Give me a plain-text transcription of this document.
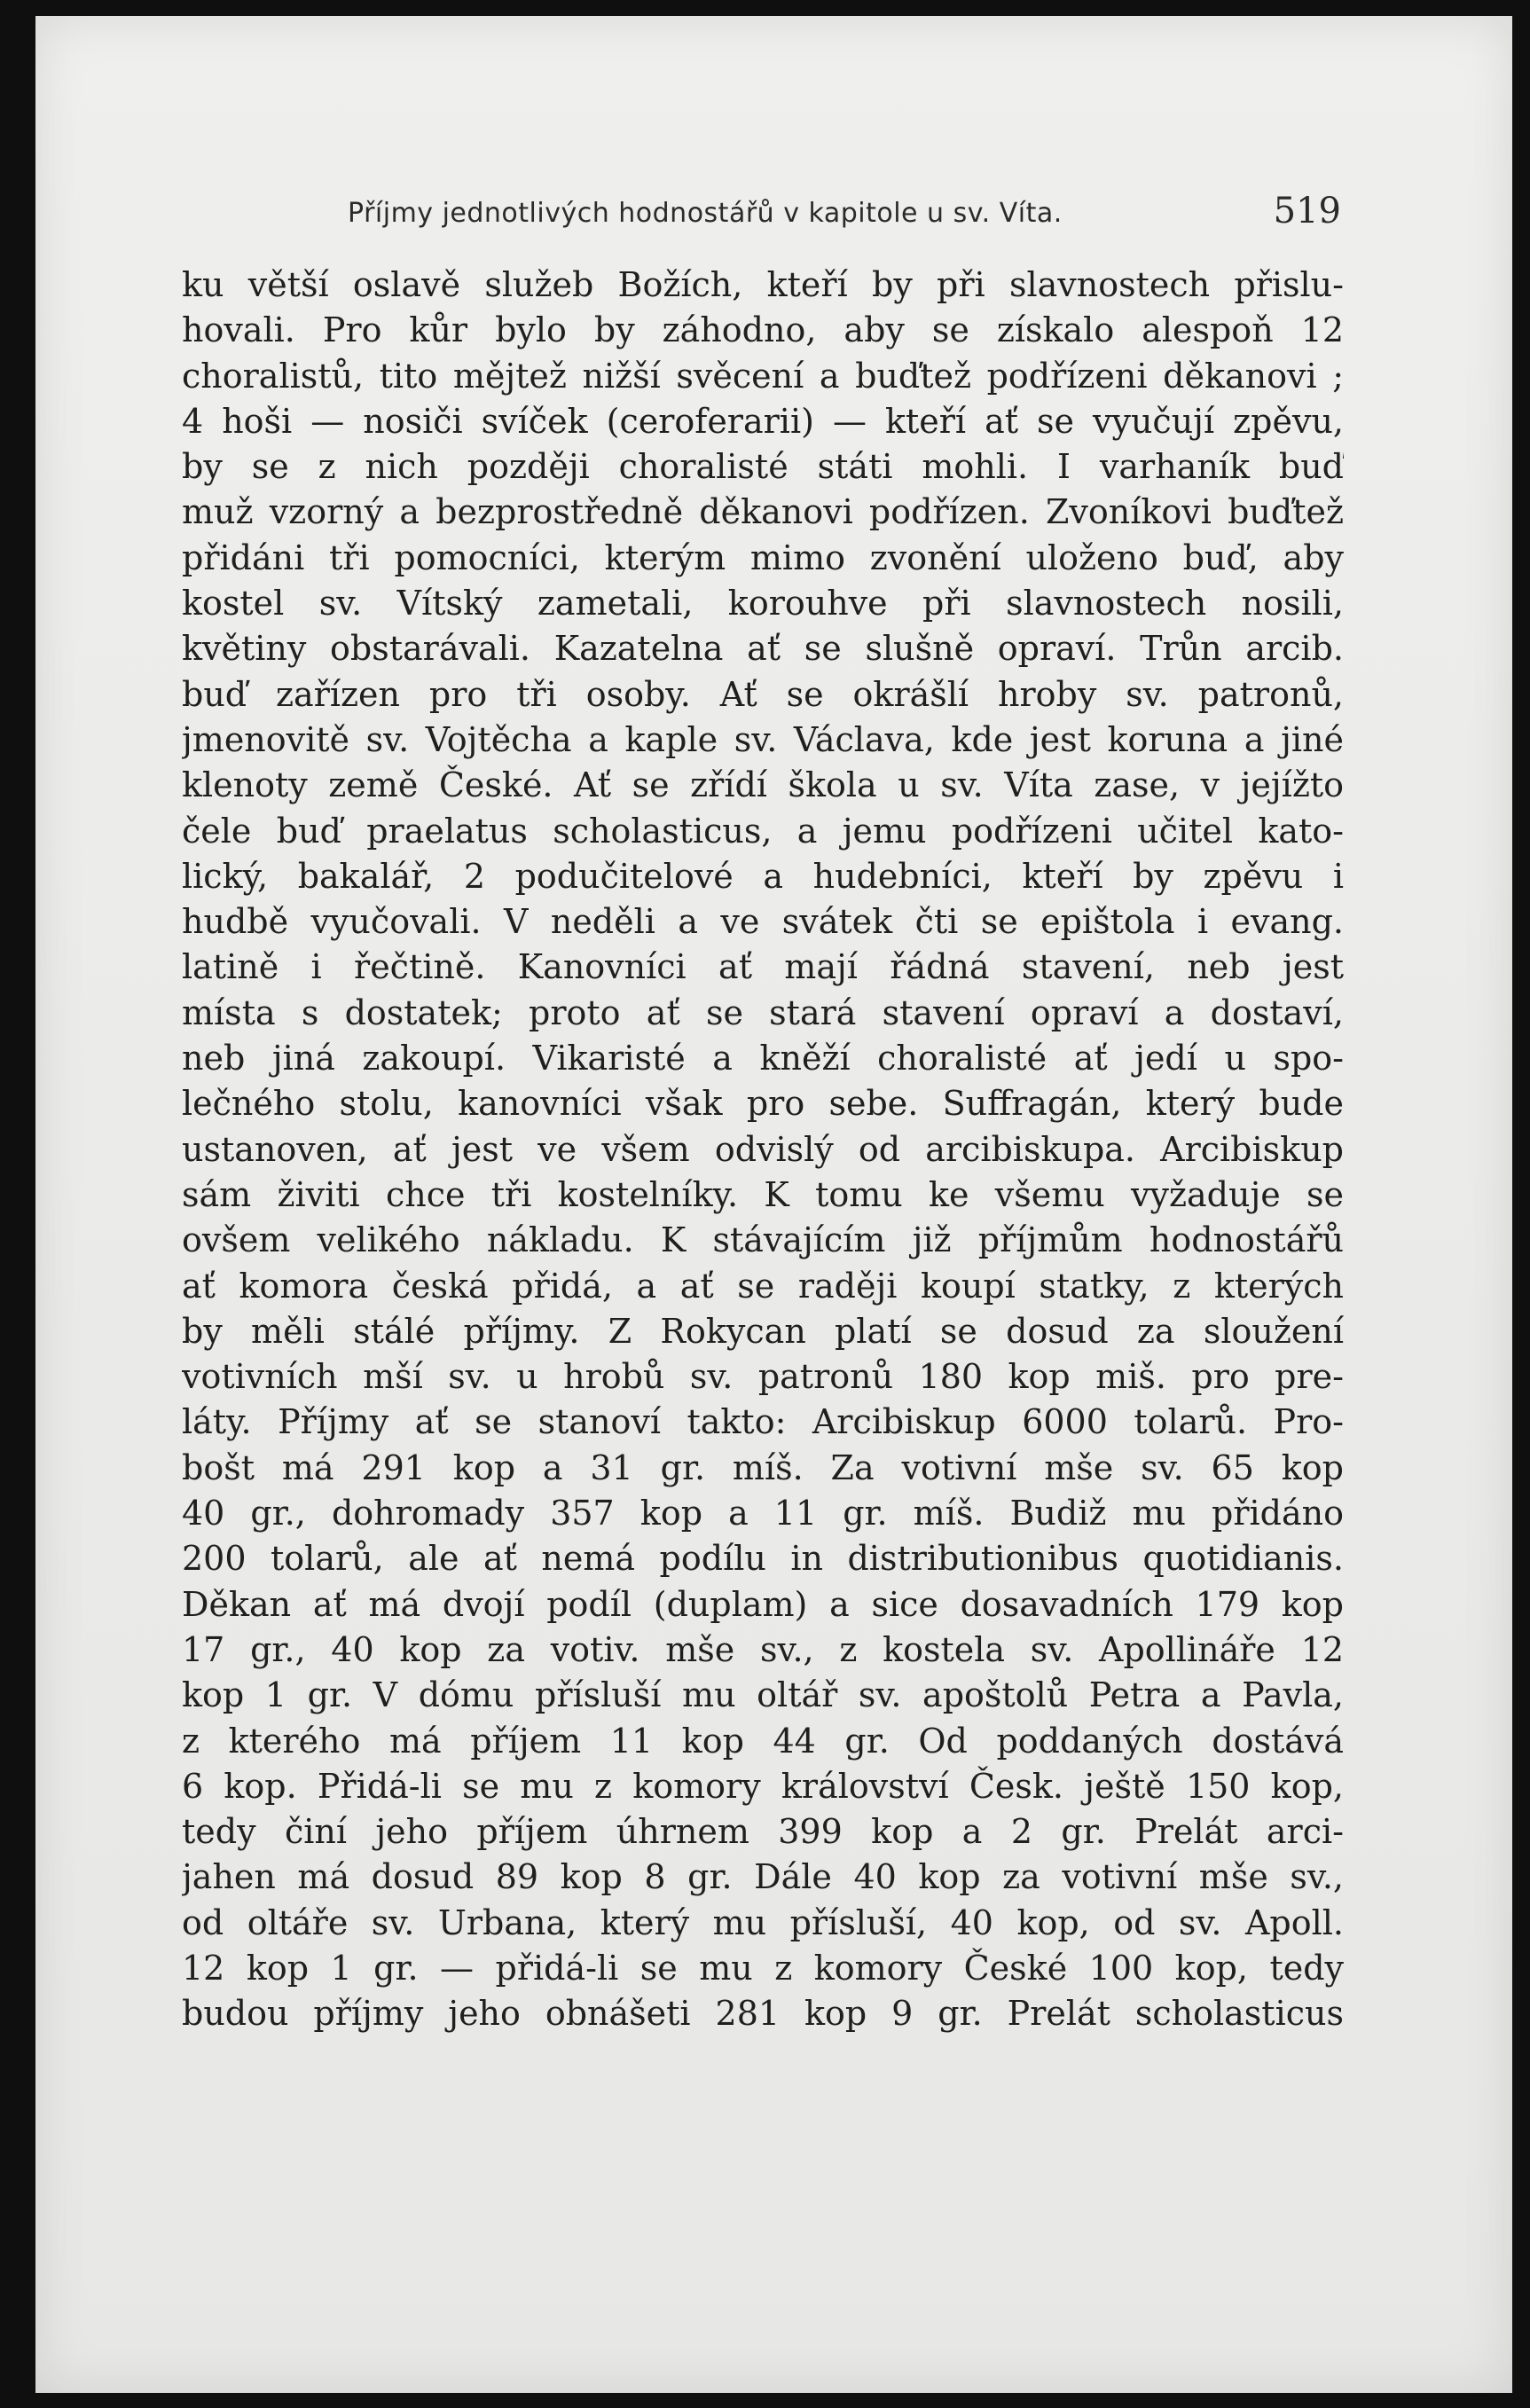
Příjmy jednotlivých hodnostářů v kapitole u sv. Víta.	519
ku větší oslavě služeb Božích, kteří by při slavnostech přislu-
hovali. Pro kůr bylo by záhodno, aby se získalo alespoň 12
choralistů, tito mějtež nižší svěcení a buďtež podřízeni děkanovi ;
4 hoši — nosiči svíček (ceroferarii) — kteří ať se vyučují zpěvu,
by se z nich později choralisté státi mohli. I varhaník buď
muž vzorný a bezprostředně děkanovi podřízen. Zvoníkovi buďtež
přidáni tři pomocníci, kterým mimo zvonění uloženo buď, aby
kostel sv. Vítský zametali, korouhve při slavnostech nosili,
květiny obstarávali. Kazatelna ať se slušně opraví. Trůn arcib.
buď zařízen pro tři osoby. Ať se okrášlí hroby sv. patronů,
jmenovitě sv. Vojtěcha a kaple sv. Václava, kde jest koruna a jiné
klenoty země České. Ať se zřídí škola u sv. Víta zase, v jejížto
čele buď praelatus scholasticus, a jemu podřízeni učitel kato-
lický, bakalář, 2 podučitelové a hudebníci, kteří by zpěvu i
hudbě vyučovali. V neděli a ve svátek čti se epištola i evang.
latině i řečtině. Kanovníci ať mají řádná stavení, neb jest
místa s dostatek; proto ať se stará stavení opraví a dostaví,
neb jiná zakoupí. Vikaristé a kněží choralisté ať jedí u spo-
lečného stolu, kanovníci však pro sebe. Suffragán, který bude
ustanoven, ať jest ve všem odvislý od arcibiskupa. Arcibiskup
sám živiti chce tři kostelníky. K tomu ke všemu vyžaduje se
ovšem velikého nákladu. K stávajícím již příjmům hodnostářů
ať komora česká přidá, a ať se raději koupí statky, z kterých
by měli stálé příjmy. Z Rokycan platí se dosud za sloužení
votivních mší sv. u hrobů sv. patronů 180 kop miš. pro pre-
láty. Příjmy ať se stanoví takto: Arcibiskup 6000 tolarů. Pro-
bošt má 291 kop a 31 gr. míš. Za votivní mše sv. 65 kop
40 gr., dohromady 357 kop a 11 gr. míš. Budiž mu přidáno
200 tolarů, ale ať nemá podílu in distributionibus quotidianis.
Děkan ať má dvojí podíl (duplam) a sice dosavadních 179 kop
17 gr., 40 kop za votiv. mše sv., z kostela sv. Apollináře 12
kop 1 gr. V dómu přísluší mu oltář sv. apoštolů Petra a Pavla,
z kterého má příjem 11 kop 44 gr. Od poddaných dostává
6 kop. Přidá-li se mu z komory království Česk. ještě 150 kop,
tedy činí jeho příjem úhrnem 399 kop a 2 gr. Prelát arci-
jahen má dosud 89 kop 8 gr. Dále 40 kop za votivní mše sv.,
od oltáře sv. Urbana, který mu přísluší, 40 kop, od sv. Apoll.
12 kop 1 gr. — přidá-li se mu z komory České 100 kop, tedy
budou příjmy jeho obnášeti 281 kop 9 gr. Prelát scholasticus
